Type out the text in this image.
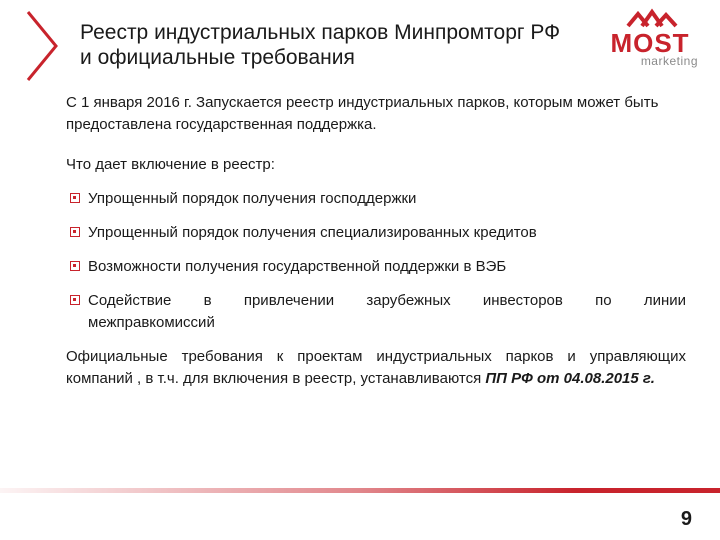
Реестр индустриальных парков Минпромторг РФ
и официальные требования	MOST
marketing

С 1 января 2016 г. Запускается реестр индустриальных парков, которым может быть предоставлена государственная поддержка.

Что дает включение в реестр:

Упрощенный порядок получения господдержки
Упрощенный порядок получения специализированных кредитов
Возможности получения государственной поддержки в ВЭБ
Содействие в привлечении зарубежных инвесторов по линии
межправкомиссий

Официальные требования к проектам индустриальных парков и управляющих компаний , в т.ч. для включения в реестр, устанавливаются ПП РФ от 04.08.2015 г.

9
